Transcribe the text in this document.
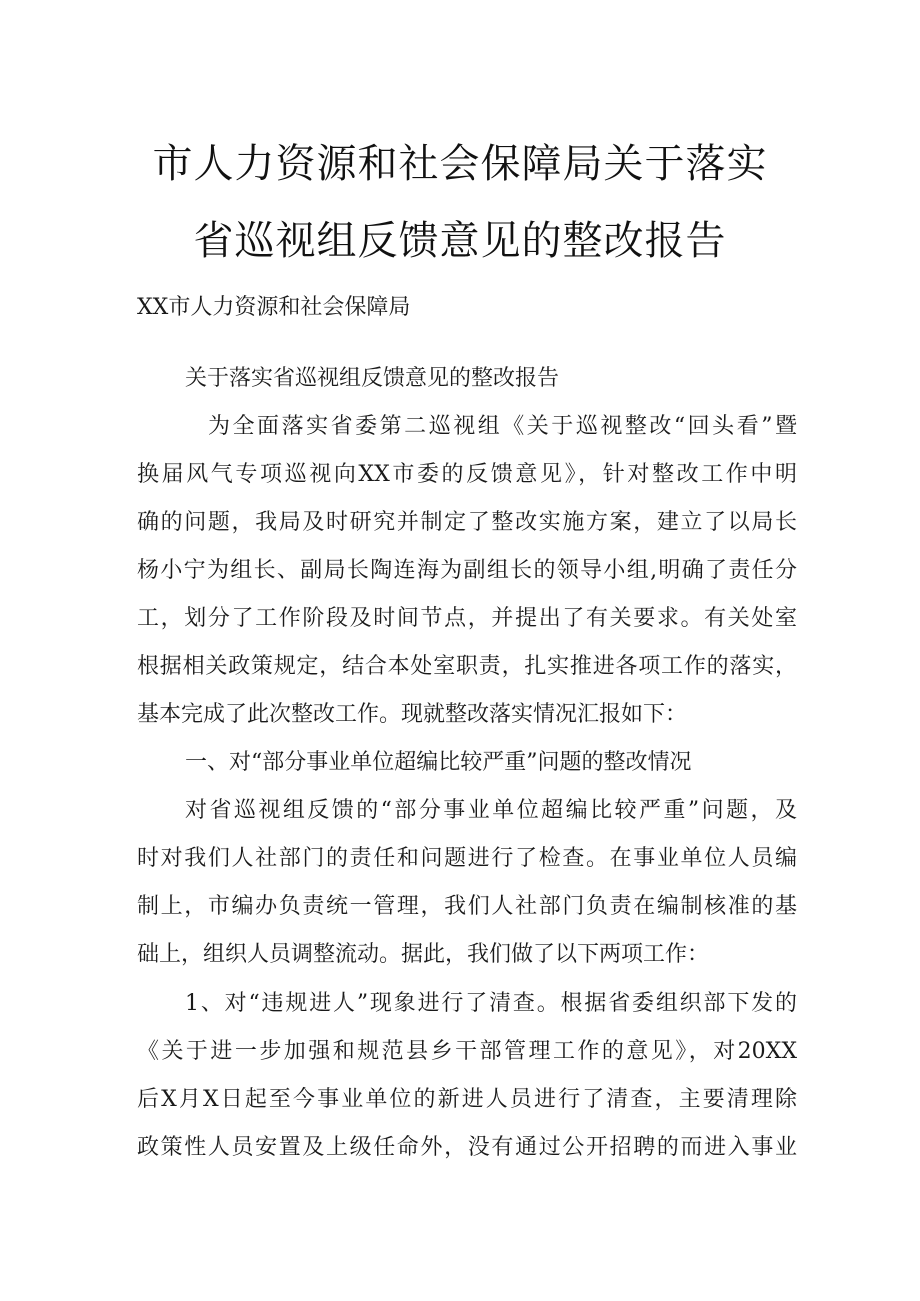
市人力资源和社会保障局关于落实
省巡视组反馈意见的整改报告
XX市人力资源和社会保障局
关于落实省巡视组反馈意见的整改报告
为全面落实省委第二巡视组《关于巡视整改“回头看”暨
换届风气专项巡视向XX市委的反馈意见》，针对整改工作中明
确的问题，我局及时研究并制定了整改实施方案，建立了以局长
杨小宁为组长、副局长陶连海为副组长的领导小组,明确了责任分
工，划分了工作阶段及时间节点，并提出了有关要求。有关处室
根据相关政策规定，结合本处室职责，扎实推进各项工作的落实，
基本完成了此次整改工作。现就整改落实情况汇报如下：
一、对“部分事业单位超编比较严重”问题的整改情况
对省巡视组反馈的“部分事业单位超编比较严重”问题，及
时对我们人社部门的责任和问题进行了检查。在事业单位人员编
制上，市编办负责统一管理，我们人社部门负责在编制核准的基
础上，组织人员调整流动。据此，我们做了以下两项工作：
1、对“违规进人”现象进行了清查。根据省委组织部下发的
《关于进一步加强和规范县乡干部管理工作的意见》，对20XX
后X月X日起至今事业单位的新进人员进行了清查，主要清理除
政策性人员安置及上级任命外，没有通过公开招聘的而进入事业
